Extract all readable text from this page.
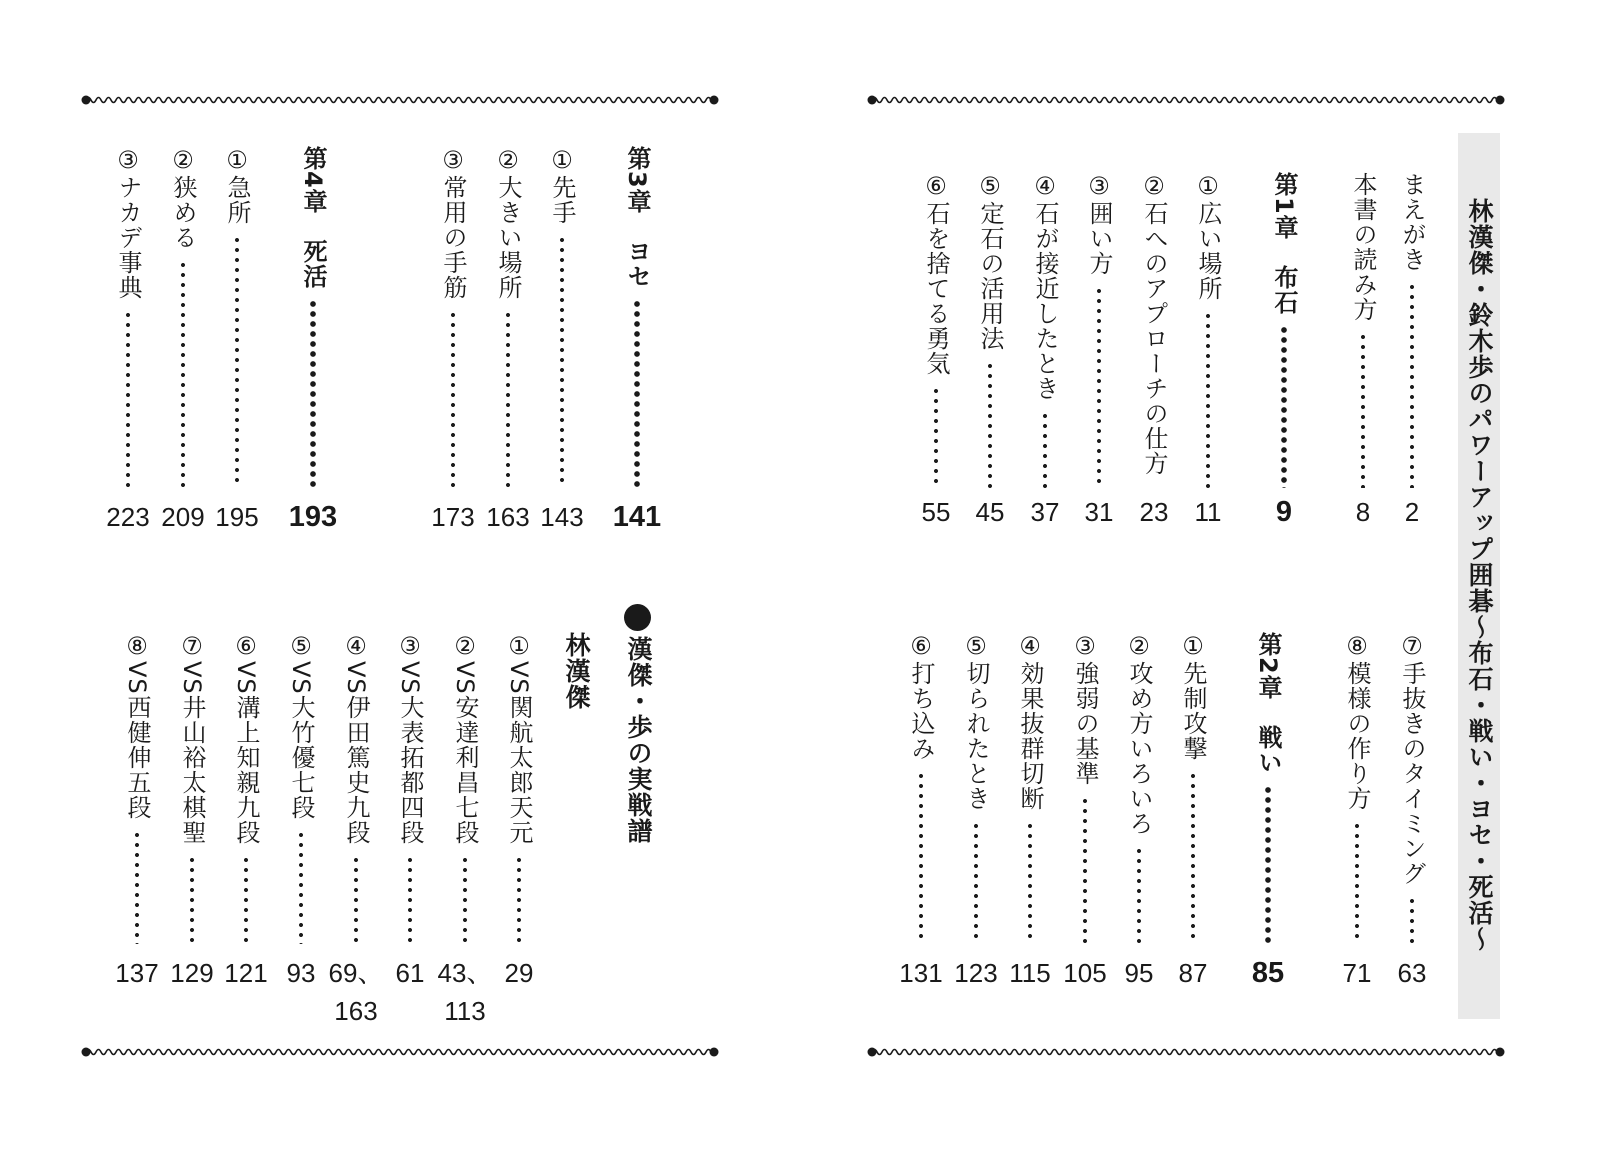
林漢傑・鈴木歩のパワーアップ囲碁～布石・戦い・ヨセ・死活～
まえがき
2
本書の読み方
8
第1章　布石
9
①広い場所
11
②石へのアプローチの仕方
23
③囲い方
31
④石が接近したとき
37
⑤定石の活用法
45
⑥石を捨てる勇気
55
⑦手抜きのタイミング
63
⑧模様の作り方
71
第2章　戦い
85
①先制攻撃
87
②攻め方いろいろ
95
③強弱の基準
105
④効果抜群切断
115
⑤切られたとき
123
⑥打ち込み
131
第3章　ヨセ
141
①先手
143
②大きい場所
163
③常用の手筋
173
第4章　死活
193
①急所
195
②狭める
209
③ナカデ事典
223
漢傑・歩の実戦譜
林漢傑
①VS関航太郎天元
29
②VS安達利昌七段
43、
113
③VS大表拓都四段
61
④VS伊田篤史九段
69、
163
⑤VS大竹優七段
93
⑥VS溝上知親九段
121
⑦VS井山裕太棋聖
129
⑧VS西健伸五段
137
